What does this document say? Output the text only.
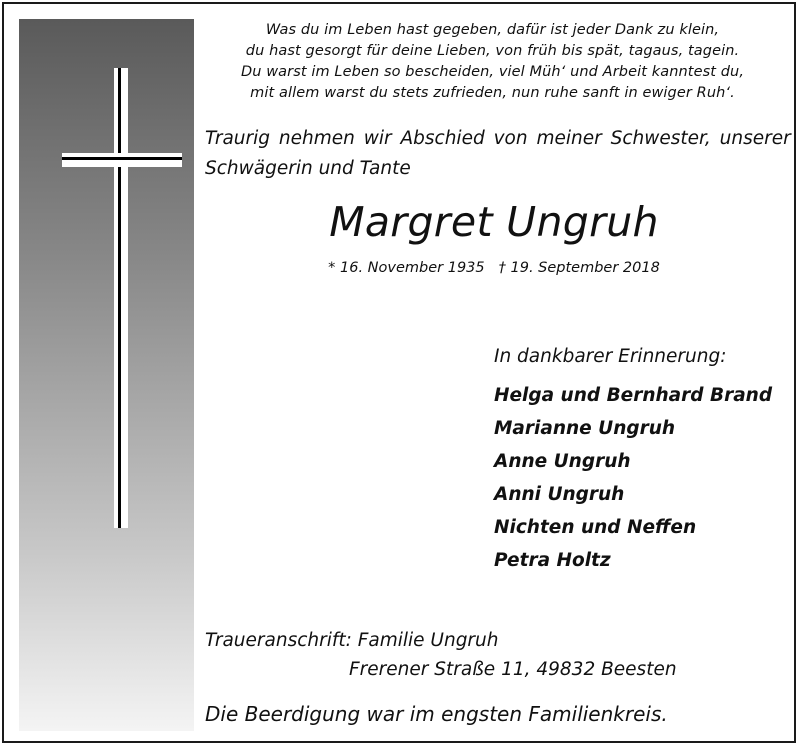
Was du im Leben hast gegeben, dafür ist jeder Dank zu klein,
du hast gesorgt für deine Lieben, von früh bis spät, tagaus, tagein.
Du warst im Leben so bescheiden, viel Müh‘ und Arbeit kanntest du,
mit allem warst du stets zufrieden, nun ruhe sanft in ewiger Ruh‘.
Traurig nehmen wir Abschied von meiner Schwester, unserer
Schwägerin und Tante
Margret Ungruh
* 16. November 1935 † 19. September 2018
In dankbarer Erinnerung:
Helga und Bernhard Brand
Marianne Ungruh
Anne Ungruh
Anni Ungruh
Nichten und Neffen
Petra Holtz
Traueranschrift: Familie Ungruh
Frerener Straße 11, 49832 Beesten
Die Beerdigung war im engsten Familienkreis.
